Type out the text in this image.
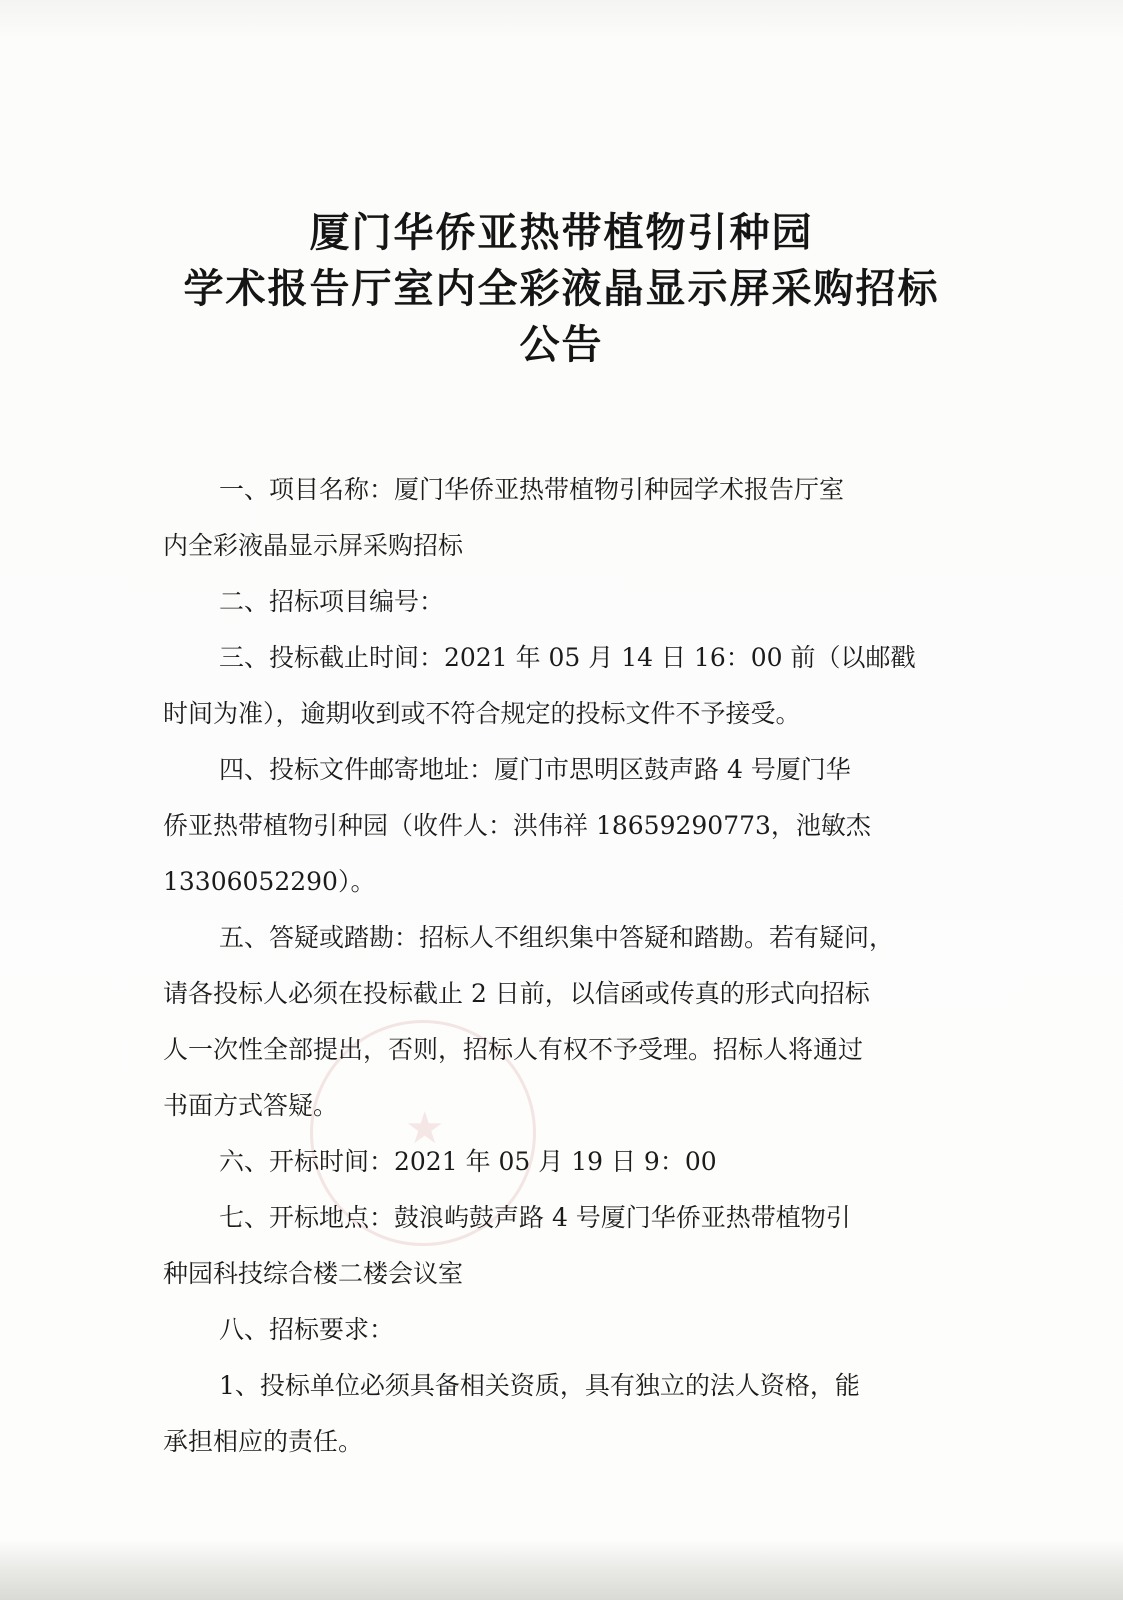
厦门华侨亚热带植物引种园
学术报告厅室内全彩液晶显示屏采购招标
公告
★
一、项目名称：厦门华侨亚热带植物引种园学术报告厅室
内全彩液晶显示屏采购招标
二、招标项目编号：
三、投标截止时间：2021 年 05 月 14 日 16：00 前（以邮戳
时间为准），逾期收到或不符合规定的投标文件不予接受。
四、投标文件邮寄地址：厦门市思明区鼓声路 4 号厦门华
侨亚热带植物引种园（收件人：洪伟祥 18659290773，池敏杰
13306052290）。
五、答疑或踏勘：招标人不组织集中答疑和踏勘。若有疑问，
请各投标人必须在投标截止 2 日前，以信函或传真的形式向招标
人一次性全部提出，否则，招标人有权不予受理。招标人将通过
书面方式答疑。
六、开标时间：2021 年 05 月 19 日 9：00
七、开标地点：鼓浪屿鼓声路 4 号厦门华侨亚热带植物引
种园科技综合楼二楼会议室
八、招标要求：
1、投标单位必须具备相关资质，具有独立的法人资格，能
承担相应的责任。
